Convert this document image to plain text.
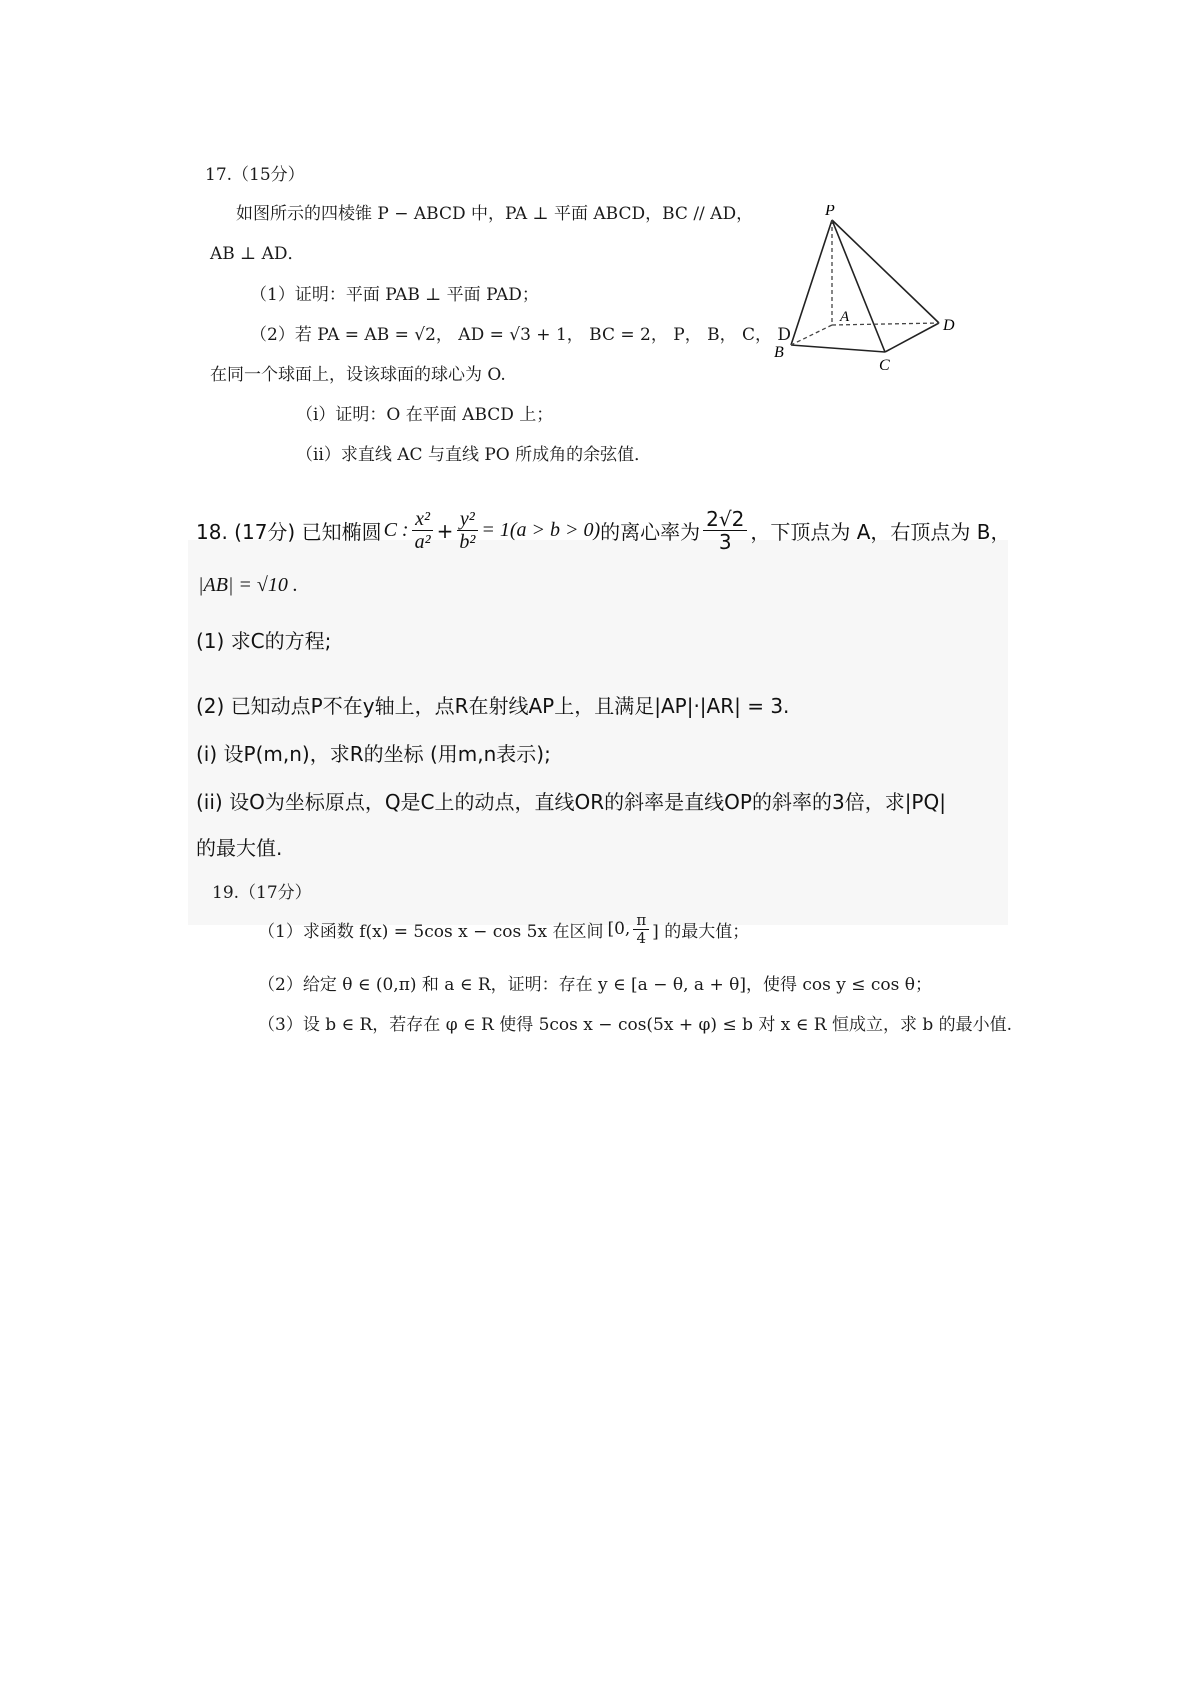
17.（15分）
如图所示的四棱锥 P − ABCD 中，PA ⊥ 平面 ABCD，BC // AD，
AB ⊥ AD．
（1）证明：平面 PAB ⊥ 平面 PAD；
（2）若 PA = AB = √2， AD = √3 + 1， BC = 2， P， B， C， D
在同一个球面上，设该球面的球心为 O.
（ⅰ）证明：O 在平面 ABCD 上；
（ⅱ）求直线 AC 与直线 PO 所成角的余弦值．
P
A
B
C
D
18. (17分) 已知椭圆 C : $\frac{\text{x²}}{\text{a²}} + \frac{\text{y²}}{\text{b²}} = 1(a > b > 0)$ 的离心率为 $\frac{2√2}{3}$ ，下顶点为 A，右顶点为 B，
|AB| = √10 .
(1) 求C的方程;
(2) 已知动点P不在y轴上，点R在射线AP上，且满足|AP|·|AR| = 3.
(i) 设P(m,n)，求R的坐标 (用m,n表示);
(ii) 设O为坐标原点，Q是C上的动点，直线OR的斜率是直线OP的斜率的3倍，求|PQ|
的最大值.
19.（17分）
（1）求函数 f(x) = 5cos x − cos 5x 在区间 [0, $\frac{\pi}{4}$ ] 的最大值；
（2）给定 θ ∈ (0,π) 和 a ∈ R，证明：存在 y ∈ [a − θ, a + θ]，使得 cos y ≤ cos θ；
（3）设 b ∈ R，若存在 φ ∈ R 使得 5cos x − cos(5x + φ) ≤ b 对 x ∈ R 恒成立，求 b 的最小值.
